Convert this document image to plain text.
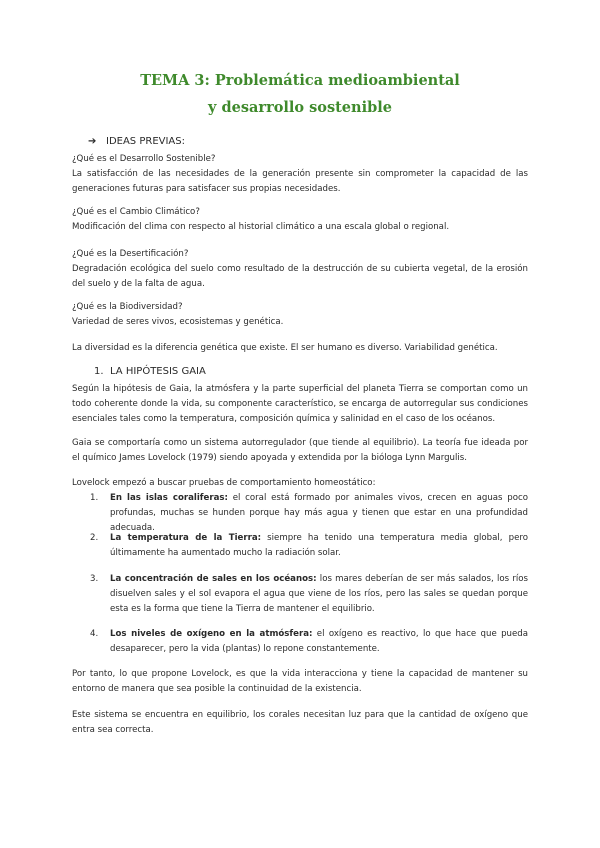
TEMA 3: Problemática medioambiental
y desarrollo sostenible
➔ IDEAS PREVIAS:

¿Qué es el Desarrollo Sostenible?

La satisfacción de las necesidades de la generación presente sin comprometer la capacidad de las generaciones futuras para satisfacer sus propias necesidades.

¿Qué es el Cambio Climático?

Modificación del clima con respecto al historial climático a una escala global o regional.

¿Qué es la Desertificación?

Degradación ecológica del suelo como resultado de la destrucción de su cubierta vegetal, de la erosión del suelo y de la falta de agua.

¿Qué es la Biodiversidad?

Variedad de seres vivos, ecosistemas y genética.

La diversidad es la diferencia genética que existe. El ser humano es diverso. Variabilidad genética.

1. LA HIPÓTESIS GAIA

Según la hipótesis de Gaia, la atmósfera y la parte superficial del planeta Tierra se comportan como un todo coherente donde la vida, su componente característico, se encarga de autorregular sus condiciones esenciales tales como la temperatura, composición química y salinidad en el caso de los océanos.

Gaia se comportaría como un sistema autorregulador (que tiende al equilibrio). La teoría fue ideada por el químico James Lovelock (1979) siendo apoyada y extendida por la bióloga Lynn Margulis.

Lovelock empezó a buscar pruebas de comportamiento homeostático:

1. En las islas coraliferas: el coral está formado por animales vivos, crecen en aguas poco profundas, muchas se hunden porque hay más agua y tienen que estar en una profundidad adecuada.
2. La temperatura de la Tierra: siempre ha tenido una temperatura media global, pero últimamente ha aumentado mucho la radiación solar.
3. La concentración de sales en los océanos: los mares deberían de ser más salados, los ríos disuelven sales y el sol evapora el agua que viene de los ríos, pero las sales se quedan porque esta es la forma que tiene la Tierra de mantener el equilibrio.
4. Los niveles de oxígeno en la atmósfera: el oxígeno es reactivo, lo que hace que pueda desaparecer, pero la vida (plantas) lo repone constantemente.

Por tanto, lo que propone Lovelock, es que la vida interacciona y tiene la capacidad de mantener su entorno de manera que sea posible la continuidad de la existencia.

Este sistema se encuentra en equilibrio, los corales necesitan luz para que la cantidad de oxígeno que entra sea correcta.
